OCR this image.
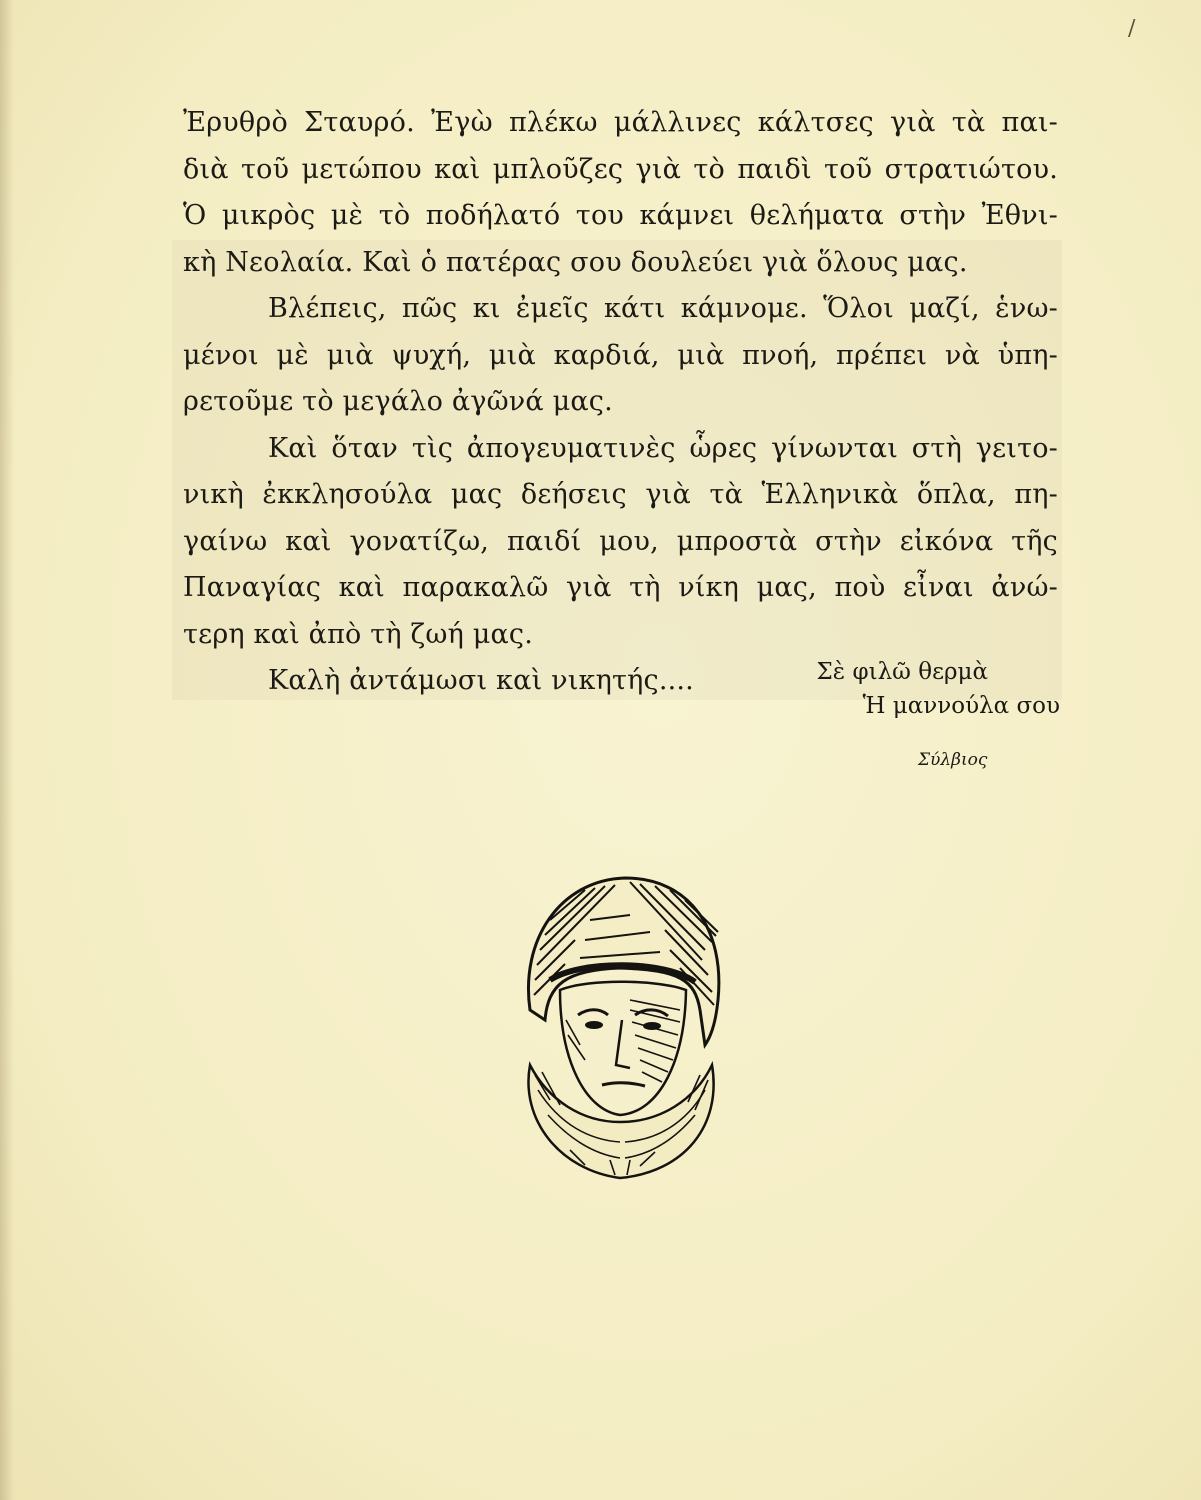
Ἐρυθρὸ Σταυρό. Ἐγὼ πλέκω μάλλινες κάλτσες γιὰ τὰ παι-
διὰ τοῦ μετώπου καὶ μπλοῦζες γιὰ τὸ παιδὶ τοῦ στρατιώτου.
Ὁ μικρὸς μὲ τὸ ποδήλατό του κάμνει θελήματα στὴν Ἐθνι-
κὴ Νεολαία. Καὶ ὁ πατέρας σου δουλεύει γιὰ ὅλους μας.
Βλέπεις, πῶς κι ἐμεῖς κάτι κάμνομε. Ὅλοι μαζί, ἑνω-
μένοι μὲ μιὰ ψυχή, μιὰ καρδιά, μιὰ πνοή, πρέπει νὰ ὑπη-
ρετοῦμε τὸ μεγάλο ἀγῶνά μας.
Καὶ ὅταν τὶς ἀπογευματινὲς ὧρες γίνωνται στὴ γειτο-
νικὴ ἐκκλησούλα μας δεήσεις γιὰ τὰ Ἑλληνικὰ ὅπλα, πη-
γαίνω καὶ γονατίζω, παιδί μου, μπροστὰ στὴν εἰκόνα τῆς
Παναγίας καὶ παρακαλῶ γιὰ τὴ νίκη μας, ποὺ εἶναι ἀνώ-
τερη καὶ ἀπὸ τὴ ζωή μας.
Καλὴ ἀντάμωσι καὶ νικητής....	Σὲ φιλῶ θερμὰ
Ἡ μαννούλα σου
Σύλβιος
∕
